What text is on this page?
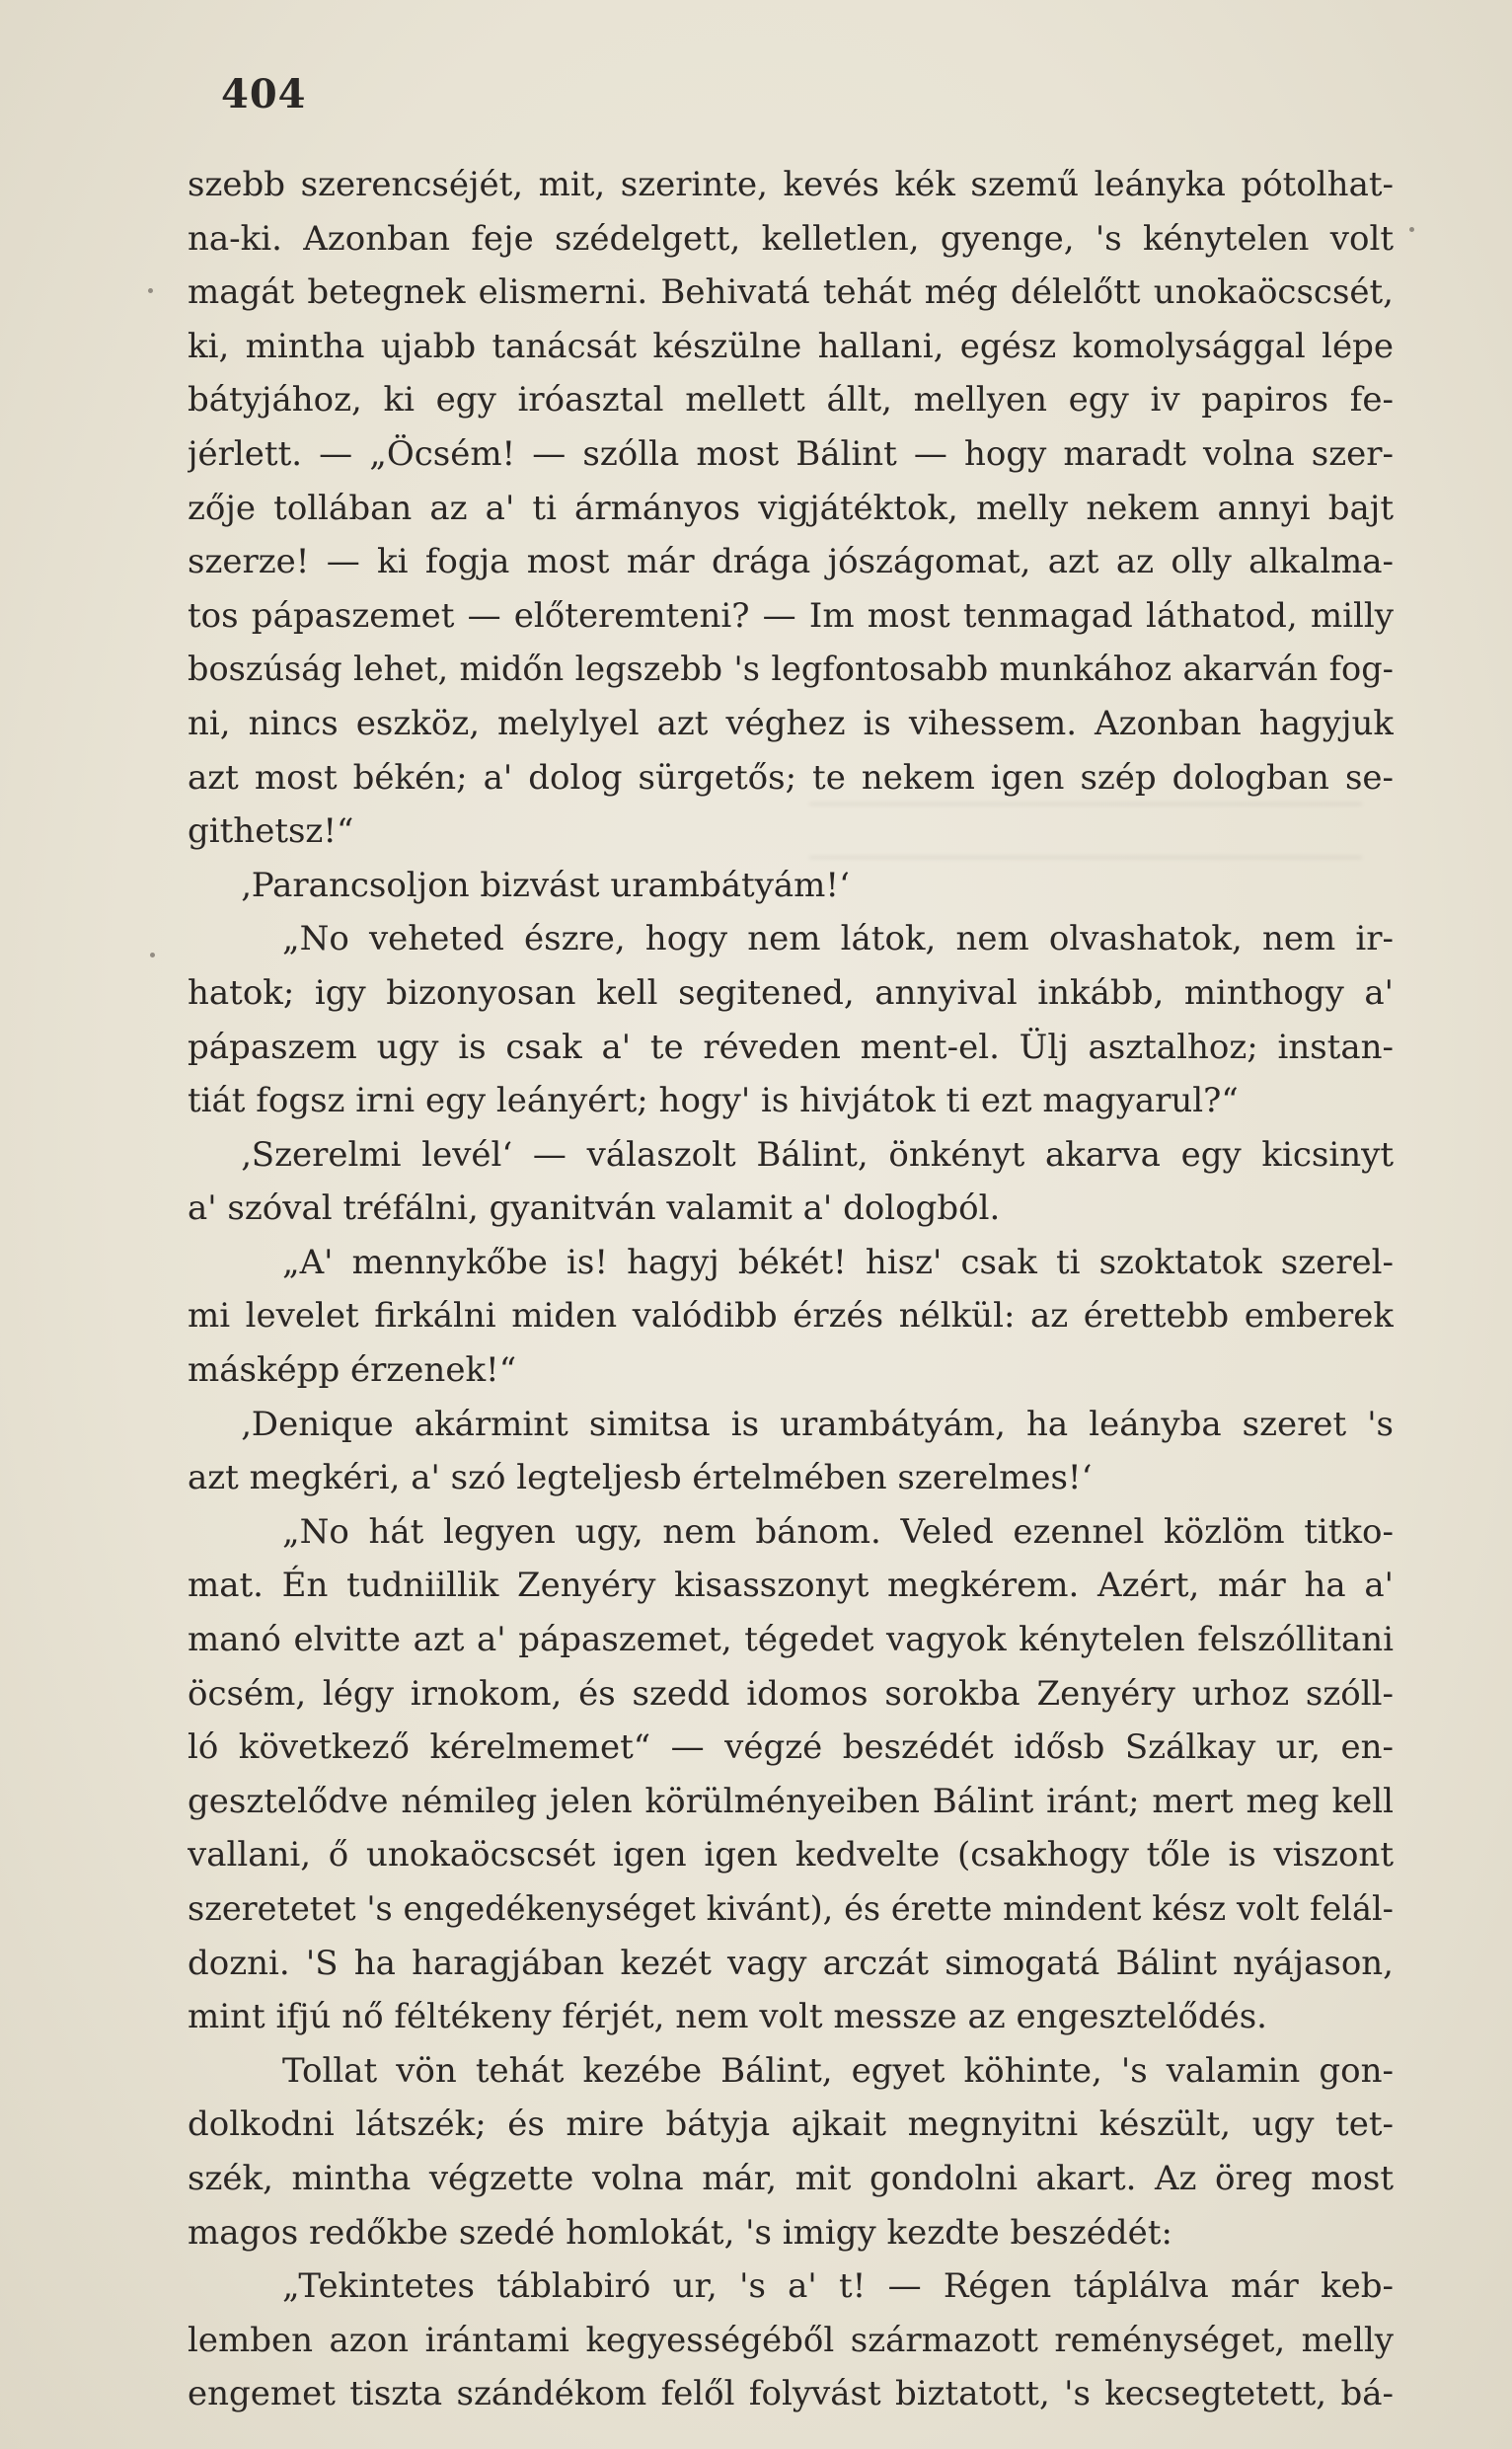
404
szebb szerencséjét, mit, szerinte, kevés kék szemű leányka pótolhat-
na-ki. Azonban feje szédelgett, kelletlen, gyenge, 's kénytelen volt
magát betegnek elismerni. Behivatá tehát még délelőtt unokaöcscsét,
ki, mintha ujabb tanácsát készülne hallani, egész komolysággal lépe
bátyjához, ki egy iróasztal mellett állt, mellyen egy iv papiros fe-
jérlett. — „Öcsém! — szólla most Bálint — hogy maradt volna szer-
zője tollában az a' ti ármányos vigjátéktok, melly nekem annyi bajt
szerze! — ki fogja most már drága jószágomat, azt az olly alkalma-
tos pápaszemet — előteremteni? — Im most tenmagad láthatod, milly
boszúság lehet, midőn legszebb 's legfontosabb munkához akarván fog-
ni, nincs eszköz, melylyel azt véghez is vihessem. Azonban hagyjuk
azt most békén; a' dolog sürgetős; te nekem igen szép dologban se-
githetsz!“
‚Parancsoljon bizvást urambátyám!‘
„No veheted észre, hogy nem látok, nem olvashatok, nem ir-
hatok; igy bizonyosan kell segitened, annyival inkább, minthogy a'
pápaszem ugy is csak a' te réveden ment-el. Ülj asztalhoz; instan-
tiát fogsz irni egy leányért; hogy' is hivjátok ti ezt magyarul?“
‚Szerelmi levél‘ — válaszolt Bálint, önkényt akarva egy kicsinyt
a' szóval tréfálni, gyanitván valamit a' dologból.
„A' mennykőbe is! hagyj békét! hisz' csak ti szoktatok szerel-
mi levelet firkálni miden valódibb érzés nélkül: az érettebb emberek
másképp érzenek!“
‚Denique akármint simitsa is urambátyám, ha leányba szeret 's
azt megkéri, a' szó legteljesb értelmében szerelmes!‘
„No hát legyen ugy, nem bánom. Veled ezennel közlöm titko-
mat. Én tudniillik Zenyéry kisasszonyt megkérem. Azért, már ha a'
manó elvitte azt a' pápaszemet, tégedet vagyok kénytelen felszóllitani
öcsém, légy irnokom, és szedd idomos sorokba Zenyéry urhoz szóll-
ló következő kérelmemet“ — végzé beszédét idősb Szálkay ur, en-
gesztelődve némileg jelen körülményeiben Bálint iránt; mert meg kell
vallani, ő unokaöcscsét igen igen kedvelte (csakhogy tőle is viszont
szeretetet 's engedékenységet kivánt), és érette mindent kész volt felál-
dozni. 'S ha haragjában kezét vagy arczát simogatá Bálint nyájason,
mint ifjú nő féltékeny férjét, nem volt messze az engesztelődés.
Tollat vön tehát kezébe Bálint, egyet köhinte, 's valamin gon-
dolkodni látszék; és mire bátyja ajkait megnyitni készült, ugy tet-
szék, mintha végzette volna már, mit gondolni akart. Az öreg most
magos redőkbe szedé homlokát, 's imigy kezdte beszédét:
„Tekintetes táblabiró ur, 's a' t! — Régen táplálva már keb-
lemben azon irántami kegyességéből származott reménységet, melly
engemet tiszta szándékom felől folyvást biztatott, 's kecsegtetett, bá-
